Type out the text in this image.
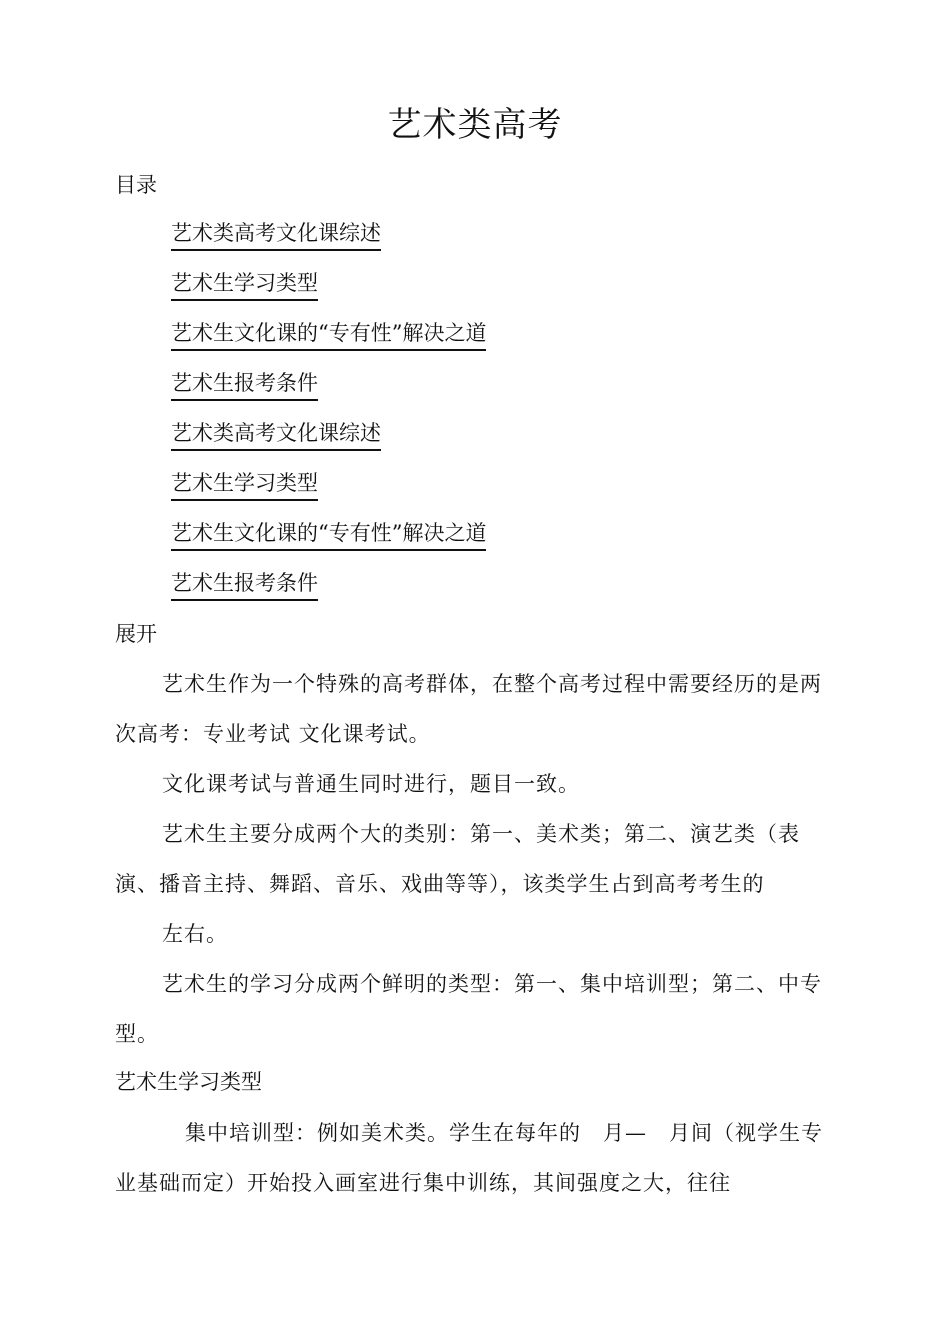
艺术类高考
目录
艺术类高考文化课综述
艺术生学习类型
艺术生文化课的“专有性”解决之道
艺术生报考条件
艺术类高考文化课综述
艺术生学习类型
艺术生文化课的“专有性”解决之道
艺术生报考条件
展开

艺术生作为一个特殊的高考群体，在整个高考过程中需要经历的是两次高考：专业考试 文化课考试。

文化课考试与普通生同时进行，题目一致。

艺术生主要分成两个大的类别：第一、美术类；第二、演艺类（表演、播音主持、舞蹈、音乐、戏曲等等），该类学生占到高考考生的

左右。

艺术生的学习分成两个鲜明的类型：第一、集中培训型；第二、中专型。

艺术生学习类型

集中培训型：例如美术类。学生在每年的　月—　月间（视学生专业基础而定）开始投入画室进行集中训练，其间强度之大，往往
